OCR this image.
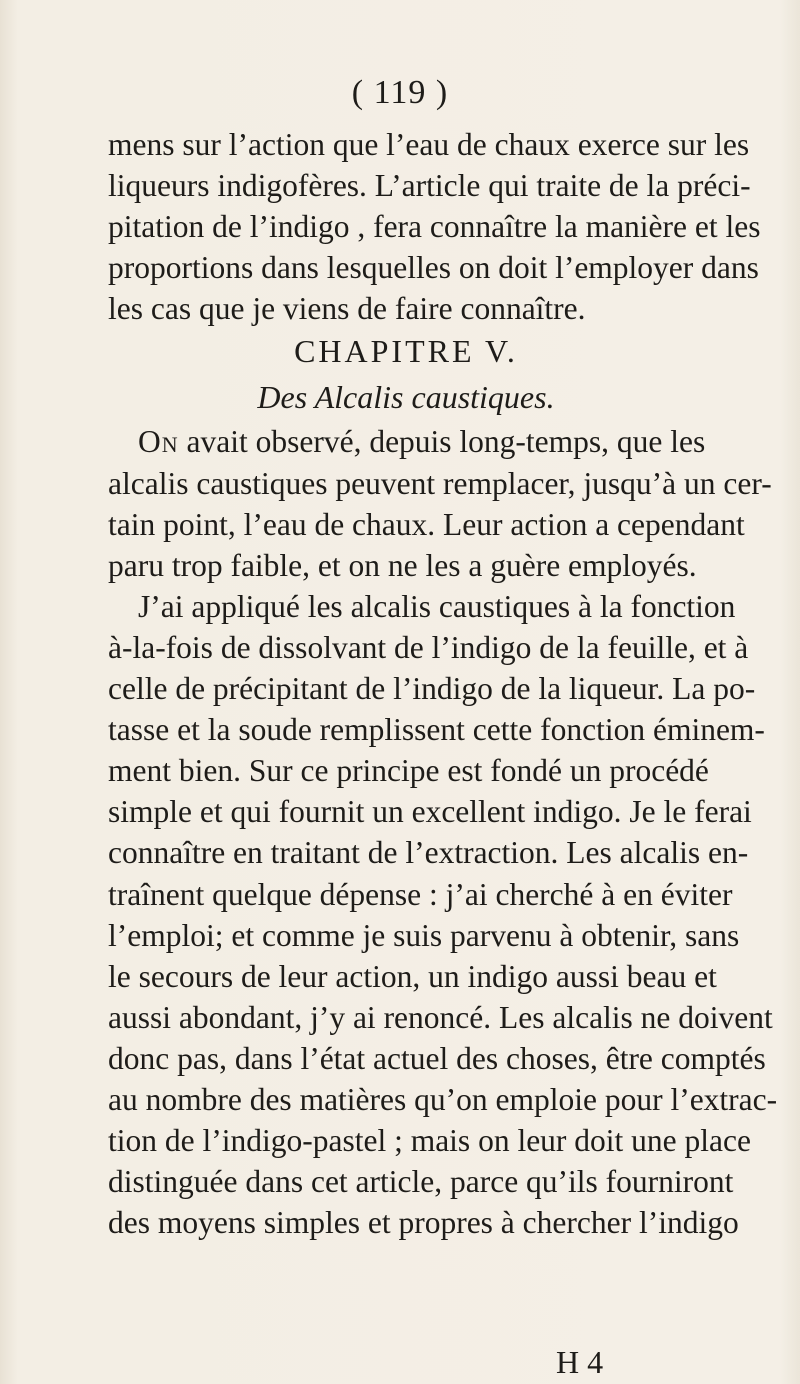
( 119 )
mens sur l’action que l’eau de chaux exerce sur les
liqueurs indigofères. L’article qui traite de la préci-
pitation de l’indigo , fera connaître la manière et les
proportions dans lesquelles on doit l’employer dans
les cas que je viens de faire connaître.
CHAPITRE V.
Des Alcalis caustiques.
On avait observé, depuis long-temps, que les
alcalis caustiques peuvent remplacer, jusqu’à un cer-
tain point, l’eau de chaux. Leur action a cependant
paru trop faible, et on ne les a guère employés.
J’ai appliqué les alcalis caustiques à la fonction
à-la-fois de dissolvant de l’indigo de la feuille, et à
celle de précipitant de l’indigo de la liqueur. La po-
tasse et la soude remplissent cette fonction éminem-
ment bien. Sur ce principe est fondé un procédé
simple et qui fournit un excellent indigo. Je le ferai
connaître en traitant de l’extraction. Les alcalis en-
traînent quelque dépense : j’ai cherché à en éviter
l’emploi; et comme je suis parvenu à obtenir, sans
le secours de leur action, un indigo aussi beau et
aussi abondant, j’y ai renoncé. Les alcalis ne doivent
donc pas, dans l’état actuel des choses, être comptés
au nombre des matières qu’on emploie pour l’extrac-
tion de l’indigo-pastel ; mais on leur doit une place
distinguée dans cet article, parce qu’ils fourniront
des moyens simples et propres à chercher l’indigo
H 4
